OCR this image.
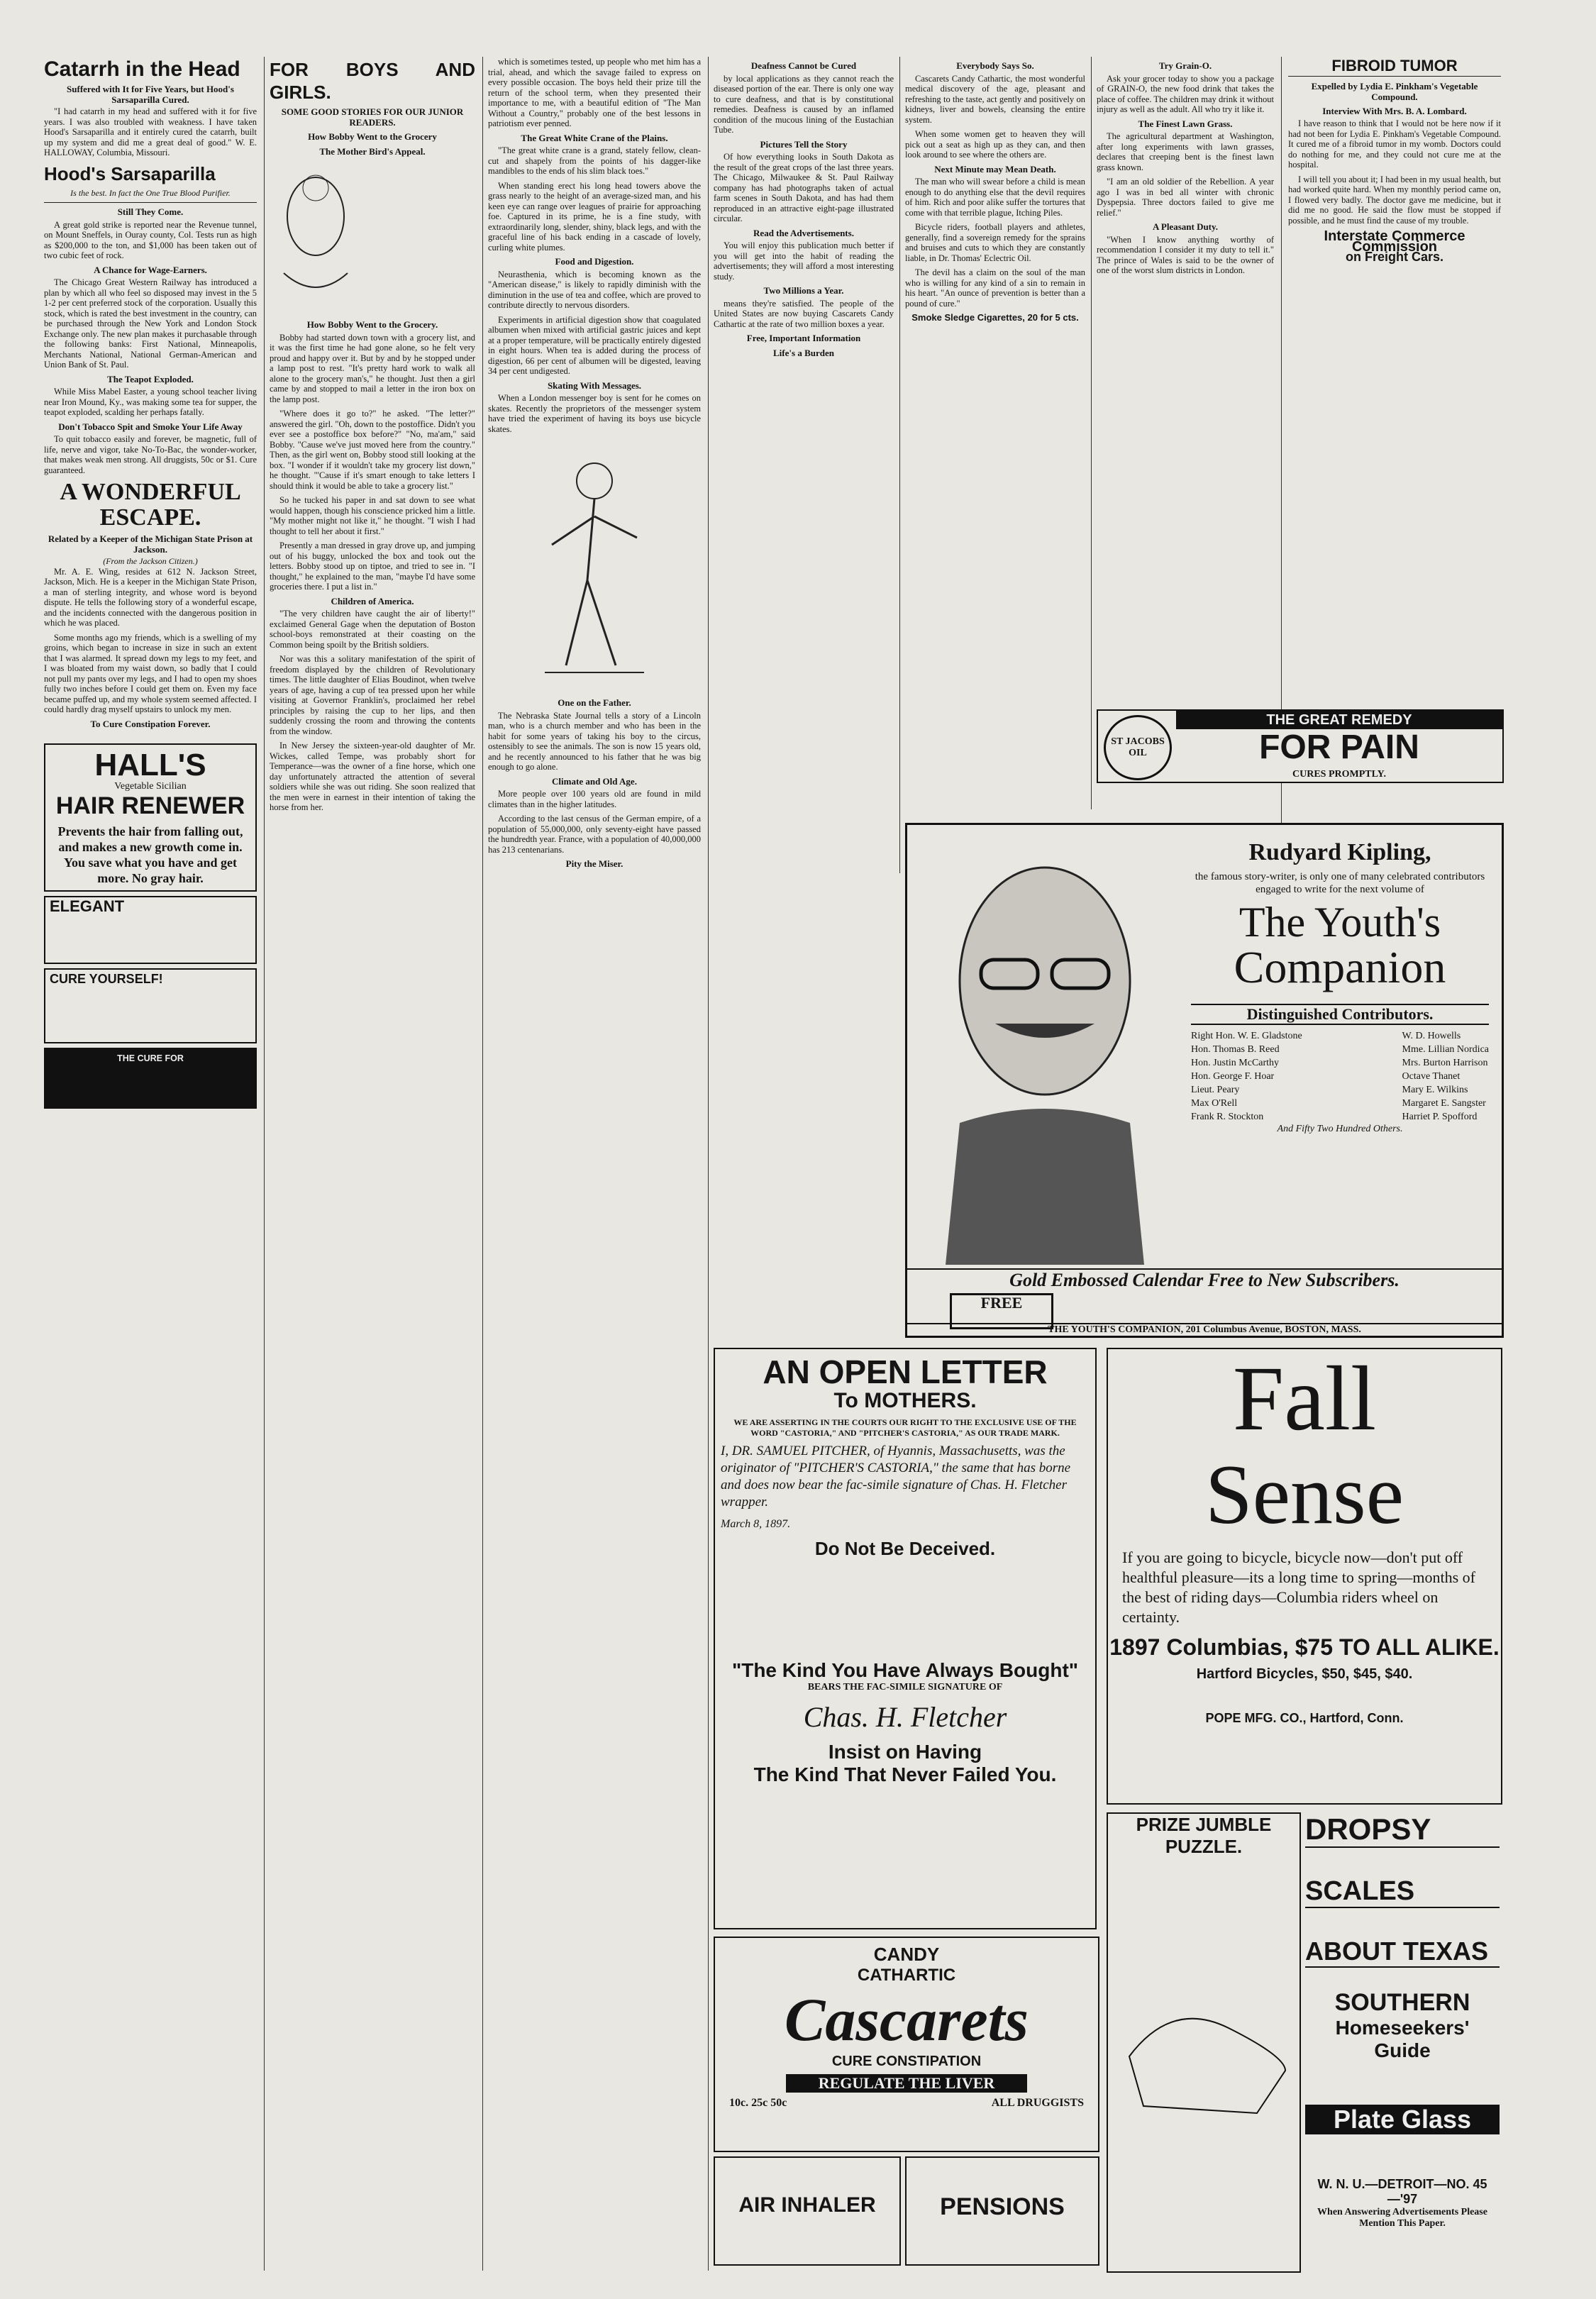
Catarrh in the Head
Suffered with It for Five Years, but Hood's Sarsaparilla Cured.

"I had catarrh in my head and suffered with it for five years. I was also troubled with weakness. I have taken Hood's Sarsaparilla and it entirely cured the catarrh, built up my system and did me a great deal of good." W. E. HALLOWAY, Columbia, Missouri.

Hood's Sarsaparilla
Is the best. In fact the One True Blood Purifier.
Still They Come.

A great gold strike is reported near the Revenue tunnel, on Mount Sneffels, in Ouray county, Col. Tests run as high as $200,000 to the ton, and $1,000 has been taken out of two cubic feet of rock.

A Chance for Wage-Earners.

The Chicago Great Western Railway has introduced a plan by which all who feel so disposed may invest in the 5 1-2 per cent preferred stock of the corporation. Usually this stock, which is rated the best investment in the country, can be purchased through the New York and London Stock Exchange only. The new plan makes it purchasable through the following banks: First National, Minneapolis, Merchants National, National German-American and Union Bank of St. Paul.

The Teapot Exploded.

While Miss Mabel Easter, a young school teacher living near Iron Mound, Ky., was making some tea for supper, the teapot exploded, scalding her perhaps fatally.

Don't Tobacco Spit and Smoke Your Life Away

To quit tobacco easily and forever, be magnetic, full of life, nerve and vigor, take No-To-Bac, the wonder-worker, that makes weak men strong. All druggists, 50c or $1. Cure guaranteed.

A WONDERFUL ESCAPE.
Related by a Keeper of the Michigan State Prison at Jackson.
(From the Jackson Citizen.)

Mr. A. E. Wing, resides at 612 N. Jackson Street, Jackson, Mich. He is a keeper in the Michigan State Prison, a man of sterling integrity, and whose word is beyond dispute. He tells the following story of a wonderful escape, and the incidents connected with the dangerous position in which he was placed.

Some months ago my friends, which is a swelling of my groins, which began to increase in size in such an extent that I was alarmed. It spread down my legs to my feet, and I was bloated from my waist down, so badly that I could not pull my pants over my legs, and I had to open my shoes fully two inches before I could get them on. Even my face became puffed up, and my whole system seemed affected. I could hardly drag myself upstairs to unlock my men.

To Cure Constipation Forever.
HALL'S
Vegetable Sicilian
HAIR RENEWER
Prevents the hair from falling out, and makes a new growth come in. You save what you have and get more. No gray hair.
ELEGANT
CURE YOURSELF!
THE CURE FOR
FOR BOYS AND GIRLS.
SOME GOOD STORIES FOR OUR JUNIOR READERS.
How Bobby Went to the Grocery
The Mother Bird's Appeal.
How Bobby Went to the Grocery.

Bobby had started down town with a grocery list, and it was the first time he had gone alone, so he felt very proud and happy over it. But by and by he stopped under a lamp post to rest. "It's pretty hard work to walk all alone to the grocery man's," he thought. Just then a girl came by and stopped to mail a letter in the iron box on the lamp post.

"Where does it go to?" he asked. "The letter?" answered the girl. "Oh, down to the postoffice. Didn't you ever see a postoffice box before?" "No, ma'am," said Bobby. "Cause we've just moved here from the country." Then, as the girl went on, Bobby stood still looking at the box. "I wonder if it wouldn't take my grocery list down," he thought. "'Cause if it's smart enough to take letters I should think it would be able to take a grocery list."

So he tucked his paper in and sat down to see what would happen, though his conscience pricked him a little. "My mother might not like it," he thought. "I wish I had thought to tell her about it first."

Presently a man dressed in gray drove up, and jumping out of his buggy, unlocked the box and took out the letters. Bobby stood up on tiptoe, and tried to see in. "I thought," he explained to the man, "maybe I'd have some groceries there. I put a list in."

Children of America.

"The very children have caught the air of liberty!" exclaimed General Gage when the deputation of Boston school-boys remonstrated at their coasting on the Common being spoilt by the British soldiers.

Nor was this a solitary manifestation of the spirit of freedom displayed by the children of Revolutionary times. The little daughter of Elias Boudinot, when twelve years of age, having a cup of tea pressed upon her while visiting at Governor Franklin's, proclaimed her rebel principles by raising the cup to her lips, and then suddenly crossing the room and throwing the contents from the window.

In New Jersey the sixteen-year-old daughter of Mr. Wickes, called Tempe, was probably short for Temperance—was the owner of a fine horse, which one day unfortunately attracted the attention of several soldiers while she was out riding. She soon realized that the men were in earnest in their intention of taking the horse from her.

which is sometimes tested, up people who met him has a trial, ahead, and which the savage failed to express on every possible occasion. The boys held their prize till the return of the school term, when they presented their importance to me, with a beautiful edition of "The Man Without a Country," probably one of the best lessons in patriotism ever penned.

The Great White Crane of the Plains.

"The great white crane is a grand, stately fellow, clean-cut and shapely from the points of his dagger-like mandibles to the ends of his slim black toes."

When standing erect his long head towers above the grass nearly to the height of an average-sized man, and his keen eye can range over leagues of prairie for approaching foe. Captured in its prime, he is a fine study, with extraordinarily long, slender, shiny, black legs, and with the graceful line of his back ending in a cascade of lovely, curling white plumes.

Food and Digestion.

Neurasthenia, which is becoming known as the "American disease," is likely to rapidly diminish with the diminution in the use of tea and coffee, which are proved to contribute directly to nervous disorders.

Experiments in artificial digestion show that coagulated albumen when mixed with artificial gastric juices and kept at a proper temperature, will be practically entirely digested in eight hours. When tea is added during the process of digestion, 66 per cent of albumen will be digested, leaving 34 per cent undigested.

Skating With Messages.

When a London messenger boy is sent for he comes on skates. Recently the proprietors of the messenger system have tried the experiment of having its boys use bicycle skates.

One on the Father.

The Nebraska State Journal tells a story of a Lincoln man, who is a church member and who has been in the habit for some years of taking his boy to the circus, ostensibly to see the animals. The son is now 15 years old, and he recently announced to his father that he was big enough to go alone.

Climate and Old Age.

More people over 100 years old are found in mild climates than in the higher latitudes.

According to the last census of the German empire, of a population of 55,000,000, only seventy-eight have passed the hundredth year. France, with a population of 40,000,000 has 213 centenarians.

Pity the Miser.
Deafness Cannot be Cured

by local applications as they cannot reach the diseased portion of the ear. There is only one way to cure deafness, and that is by constitutional remedies. Deafness is caused by an inflamed condition of the mucous lining of the Eustachian Tube.

Pictures Tell the Story

Of how everything looks in South Dakota as the result of the great crops of the last three years. The Chicago, Milwaukee & St. Paul Railway company has had photographs taken of actual farm scenes in South Dakota, and has had them reproduced in an attractive eight-page illustrated circular.

Read the Advertisements.

You will enjoy this publication much better if you will get into the habit of reading the advertisements; they will afford a most interesting study.

Two Millions a Year.

means they're satisfied. The people of the United States are now buying Cascarets Candy Cathartic at the rate of two million boxes a year.

Free, Important Information
Life's a Burden
Everybody Says So.

Cascarets Candy Cathartic, the most wonderful medical discovery of the age, pleasant and refreshing to the taste, act gently and positively on kidneys, liver and bowels, cleansing the entire system.

When some women get to heaven they will pick out a seat as high up as they can, and then look around to see where the others are.

Next Minute may Mean Death.

The man who will swear before a child is mean enough to do anything else that the devil requires of him. Rich and poor alike suffer the tortures that come with that terrible plague, Itching Piles.

Bicycle riders, football players and athletes, generally, find a sovereign remedy for the sprains and bruises and cuts to which they are constantly liable, in Dr. Thomas' Eclectric Oil.

The devil has a claim on the soul of the man who is willing for any kind of a sin to remain in his heart. "An ounce of prevention is better than a pound of cure."

Smoke Sledge Cigarettes, 20 for 5 cts.
Try Grain-O.

Ask your grocer today to show you a package of GRAIN-O, the new food drink that takes the place of coffee. The children may drink it without injury as well as the adult. All who try it like it.

The Finest Lawn Grass.

The agricultural department at Washington, after long experiments with lawn grasses, declares that creeping bent is the finest lawn grass known.

"I am an old soldier of the Rebellion. A year ago I was in bed all winter with chronic Dyspepsia. Three doctors failed to give me relief."

A Pleasant Duty.

"When I know anything worthy of recommendation I consider it my duty to tell it." The prince of Wales is said to be the owner of one of the worst slum districts in London.

FIBROID TUMOR
Expelled by Lydia E. Pinkham's Vegetable Compound.
Interview With Mrs. B. A. Lombard.

I have reason to think that I would not be here now if it had not been for Lydia E. Pinkham's Vegetable Compound. It cured me of a fibroid tumor in my womb. Doctors could do nothing for me, and they could not cure me at the hospital.

I will tell you about it; I had been in my usual health, but had worked quite hard. When my monthly period came on, I flowed very badly. The doctor gave me medicine, but it did me no good. He said the flow must be stopped if possible, and he must find the cause of my trouble.

Interstate Commerce Commission
on Freight Cars.
ST JACOBS OIL
THE GREAT REMEDY
FOR PAIN
CURES PROMPTLY.
Rudyard Kipling,
the famous story-writer, is only one of many celebrated contributors engaged to write for the next volume of
The Youth's
Companion
Distinguished Contributors.
Right Hon. W. E. Gladstone
Hon. Thomas B. Reed
Hon. Justin McCarthy
Hon. George F. Hoar
Lieut. Peary
Max O'Rell
Frank R. Stockton
W. D. Howells
Mme. Lillian Nordica
Mrs. Burton Harrison
Octave Thanet
Mary E. Wilkins
Margaret E. Sangster
Harriet P. Spofford
And Fifty Two Hundred Others.
Gold Embossed Calendar Free to New Subscribers.
FREE
THE YOUTH'S COMPANION, 201 Columbus Avenue, BOSTON, MASS.
AN OPEN LETTER
To MOTHERS.
WE ARE ASSERTING IN THE COURTS OUR RIGHT TO THE EXCLUSIVE USE OF THE WORD "CASTORIA," AND "PITCHER'S CASTORIA," AS OUR TRADE MARK.
I, DR. SAMUEL PITCHER, of Hyannis, Massachusetts, was the originator of "PITCHER'S CASTORIA," the same that has borne and does now bear the fac-simile signature of Chas. H. Fletcher wrapper.
March 8, 1897.
Do Not Be Deceived.
"The Kind You Have Always Bought"
BEARS THE FAC-SIMILE SIGNATURE OF
Chas. H. Fletcher
Insist on Having
The Kind That Never Failed You.
CANDY
CATHARTIC
Cascarets
CURE CONSTIPATION
REGULATE THE LIVER
10c. 25c 50c	ALL DRUGGISTS
Fall
Sense
If you are going to bicycle, bicycle now—don't put off healthful pleasure—its a long time to spring—months of the best of riding days—Columbia riders wheel on certainty.
1897 Columbias, $75 TO ALL ALIKE.
Hartford Bicycles, $50, $45, $40.
POPE MFG. CO., Hartford, Conn.
AIR INHALER	PENSIONS
PRIZE JUMBLE PUZZLE.
DROPSY
SCALES
ABOUT TEXAS
SOUTHERN
Homeseekers' Guide
Plate Glass
W. N. U.—DETROIT—NO. 45—'97
When Answering Advertisements Please Mention This Paper.
